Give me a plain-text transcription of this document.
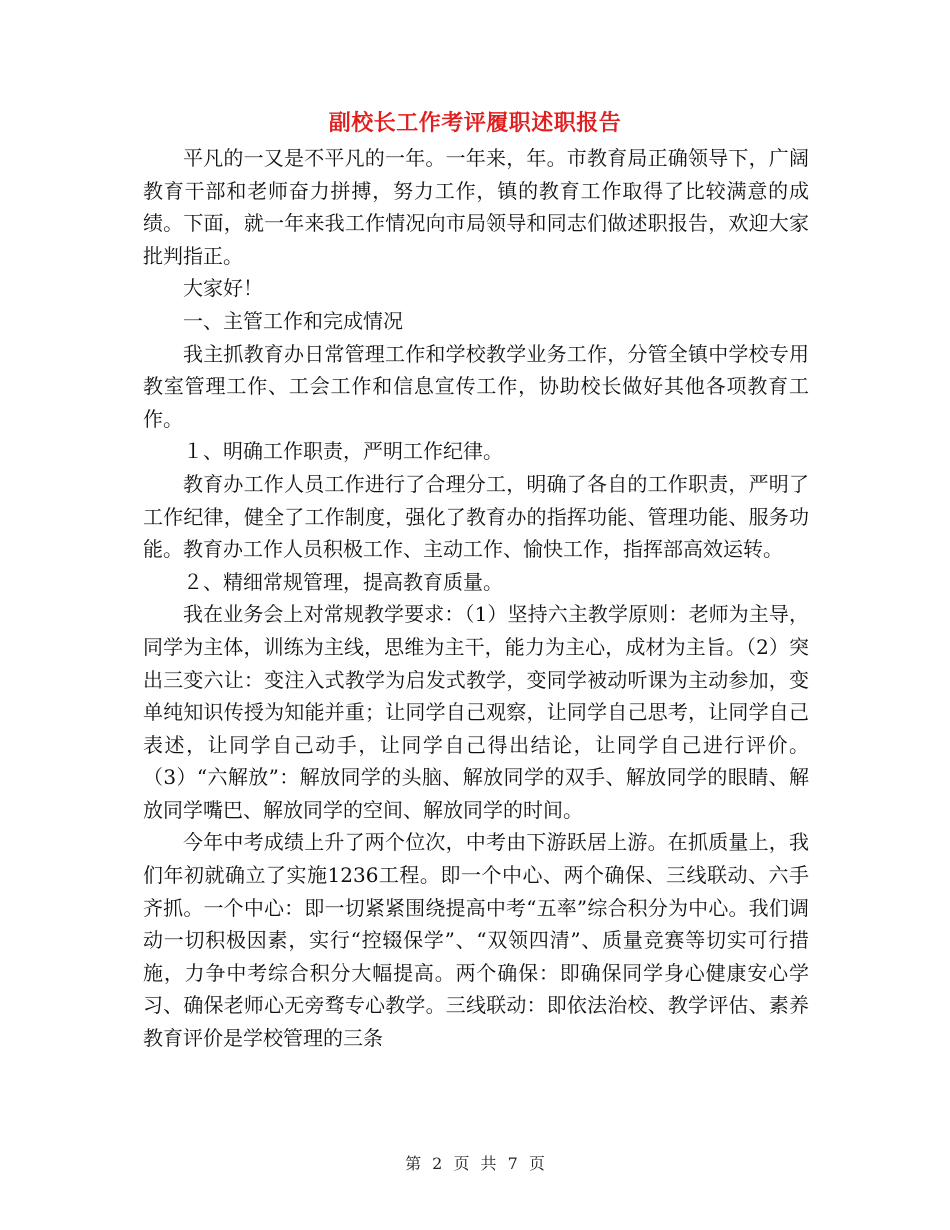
副校长工作考评履职述职报告

平凡的一又是不平凡的一年。一年来，年。市教育局正确领导下，广阔教育干部和老师奋力拼搏，努力工作，镇的教育工作取得了比较满意的成绩。下面，就一年来我工作情况向市局领导和同志们做述职报告，欢迎大家批判指正。

大家好！

一、主管工作和完成情况

我主抓教育办日常管理工作和学校教学业务工作，分管全镇中学校专用教室管理工作、工会工作和信息宣传工作，协助校长做好其他各项教育工作。

１、明确工作职责，严明工作纪律。

教育办工作人员工作进行了合理分工，明确了各自的工作职责，严明了工作纪律，健全了工作制度，强化了教育办的指挥功能、管理功能、服务功能。教育办工作人员积极工作、主动工作、愉快工作，指挥部高效运转。

２、精细常规管理，提高教育质量。

我在业务会上对常规教学要求：（1）坚持六主教学原则：老师为主导，同学为主体，训练为主线，思维为主干，能力为主心，成材为主旨。（2）突出三变六让：变注入式教学为启发式教学，变同学被动听课为主动参加，变单纯知识传授为知能并重；让同学自己观察，让同学自己思考，让同学自己表述，让同学自己动手，让同学自己得出结论，让同学自己进行评价。（3）“六解放”：解放同学的头脑、解放同学的双手、解放同学的眼睛、解放同学嘴巴、解放同学的空间、解放同学的时间。

今年中考成绩上升了两个位次，中考由下游跃居上游。在抓质量上，我们年初就确立了实施1236工程。即一个中心、两个确保、三线联动、六手齐抓。一个中心：即一切紧紧围绕提高中考“五率”综合积分为中心。我们调动一切积极因素，实行“控辍保学”、“双领四清”、质量竞赛等切实可行措施，力争中考综合积分大幅提高。两个确保：即确保同学身心健康安心学习、确保老师心无旁骛专心教学。三线联动：即依法治校、教学评估、素养教育评价是学校管理的三条

第 2 页 共 7 页
